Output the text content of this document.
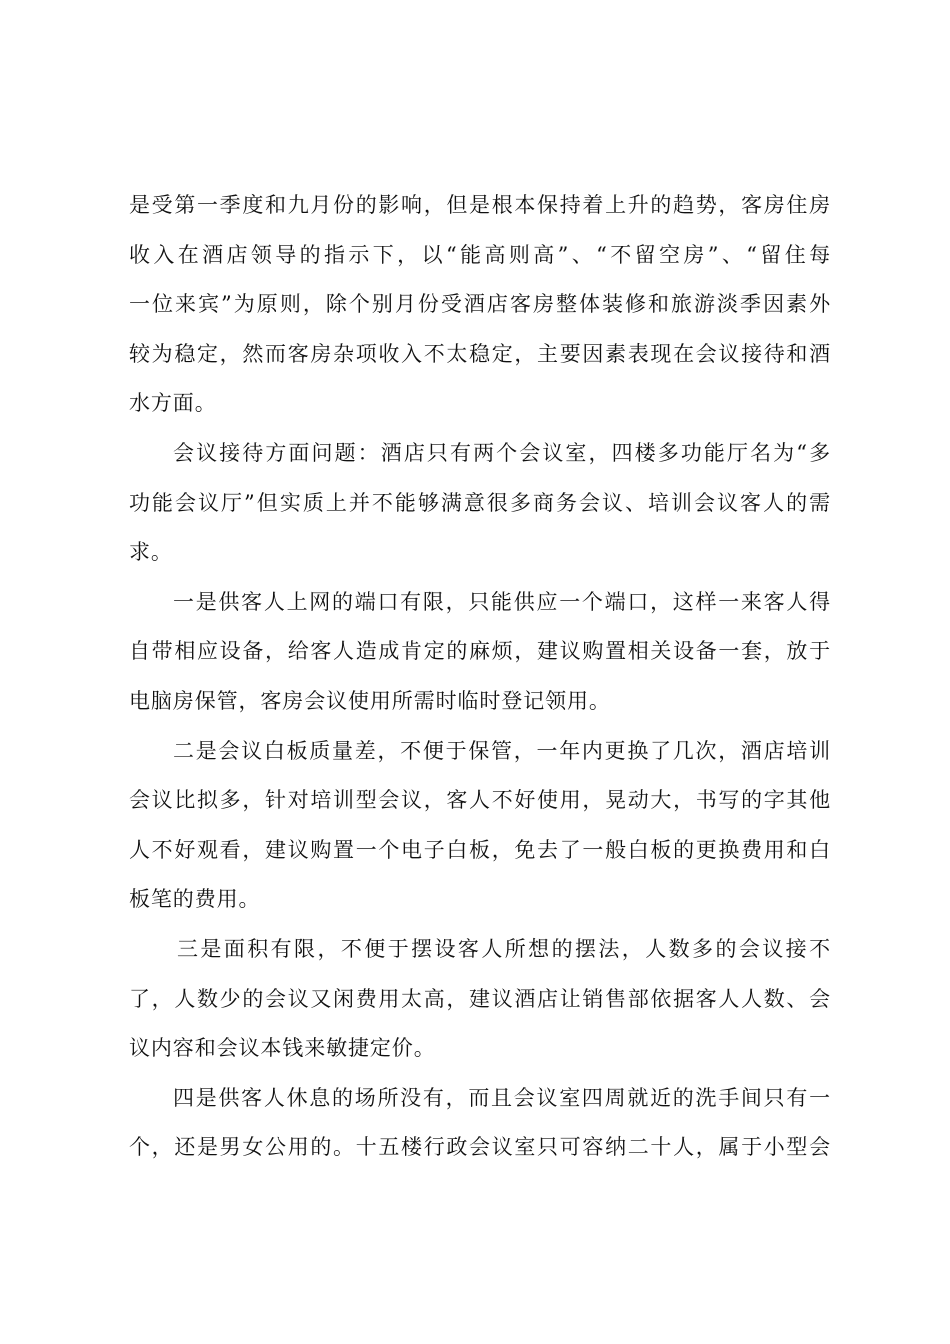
是受第一季度和九月份的影响，但是根本保持着上升的趋势，客房住房
收入在酒店领导的指示下，以“能高则高”、“不留空房”、“留住每
一位来宾”为原则，除个别月份受酒店客房整体装修和旅游淡季因素外
较为稳定，然而客房杂项收入不太稳定，主要因素表现在会议接待和酒
水方面。
会议接待方面问题：酒店只有两个会议室，四楼多功能厅名为“多
功能会议厅”但实质上并不能够满意很多商务会议、培训会议客人的需
求。
一是供客人上网的端口有限，只能供应一个端口，这样一来客人得
自带相应设备，给客人造成肯定的麻烦，建议购置相关设备一套，放于
电脑房保管，客房会议使用所需时临时登记领用。
二是会议白板质量差，不便于保管，一年内更换了几次，酒店培训
会议比拟多，针对培训型会议，客人不好使用，晃动大，书写的字其他
人不好观看，建议购置一个电子白板，免去了一般白板的更换费用和白
板笔的费用。
三是面积有限，不便于摆设客人所想的摆法，人数多的会议接不
了，人数少的会议又闲费用太高，建议酒店让销售部依据客人人数、会
议内容和会议本钱来敏捷定价。
四是供客人休息的场所没有，而且会议室四周就近的洗手间只有一
个，还是男女公用的。十五楼行政会议室只可容纳二十人，属于小型会
